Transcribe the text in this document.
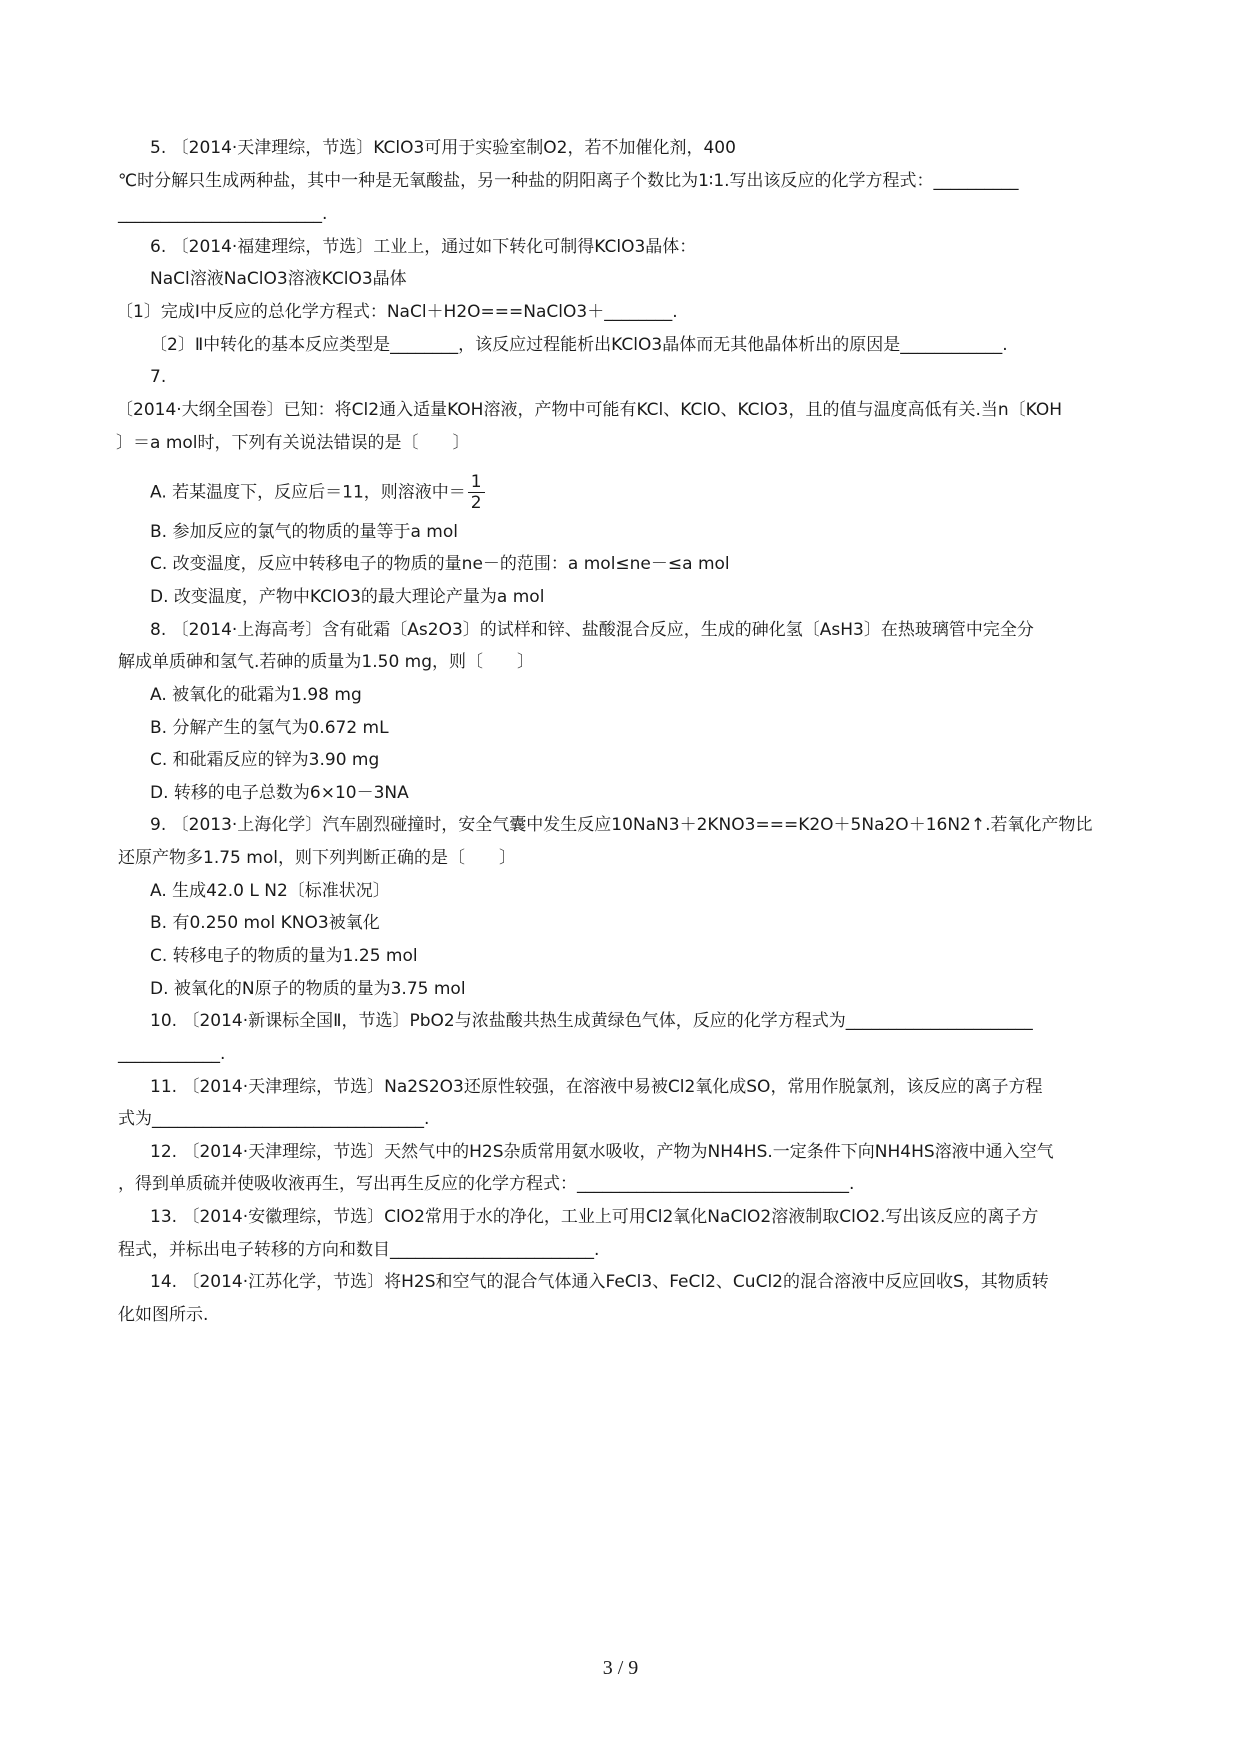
5. 〔2014·天津理综，节选〕KClO3可用于实验室制O2，若不加催化剂，400
℃时分解只生成两种盐，其中一种是无氧酸盐，另一种盐的阴阳离子个数比为1∶1.写出该反应的化学方程式：__________
________________________.
6. 〔2014·福建理综，节选〕工业上，通过如下转化可制得KClO3晶体：
NaCl溶液NaClO3溶液KClO3晶体
〔1〕完成Ⅰ中反应的总化学方程式：NaCl＋H2O===NaClO3＋________.
〔2〕Ⅱ中转化的基本反应类型是________，该反应过程能析出KClO3晶体而无其他晶体析出的原因是____________.
7.
〔2014·大纲全国卷〕已知：将Cl2通入适量KOH溶液，产物中可能有KCl、KClO、KClO3，且的值与温度高低有关.当n〔KOH
〕＝a mol时，下列有关说法错误的是〔　　〕
A. 若某温度下，反应后＝11，则溶液中＝ $\frac{1}{2}$
B. 参加反应的氯气的物质的量等于a mol
C. 改变温度，反应中转移电子的物质的量ne－的范围：a mol≤ne－≤a mol
D. 改变温度，产物中KClO3的最大理论产量为a mol
8. 〔2014·上海高考〕含有砒霜〔As2O3〕的试样和锌、盐酸混合反应，生成的砷化氢〔AsH3〕在热玻璃管中完全分
解成单质砷和氢气.若砷的质量为1.50 mg，则〔　　〕
A. 被氧化的砒霜为1.98 mg
B. 分解产生的氢气为0.672 mL
C. 和砒霜反应的锌为3.90 mg
D. 转移的电子总数为6×10－3NA
9. 〔2013·上海化学〕汽车剧烈碰撞时，安全气囊中发生反应10NaN3＋2KNO3===K2O＋5Na2O＋16N2↑.若氧化产物比
还原产物多1.75 mol，则下列判断正确的是〔　　〕
A. 生成42.0 L N2〔标准状况〕
B. 有0.250 mol KNO3被氧化
C. 转移电子的物质的量为1.25 mol
D. 被氧化的N原子的物质的量为3.75 mol
10. 〔2014·新课标全国Ⅱ，节选〕PbO2与浓盐酸共热生成黄绿色气体，反应的化学方程式为______________________
____________.
11. 〔2014·天津理综，节选〕Na2S2O3还原性较强，在溶液中易被Cl2氧化成SO，常用作脱氯剂，该反应的离子方程
式为________________________________.
12. 〔2014·天津理综，节选〕天然气中的H2S杂质常用氨水吸收，产物为NH4HS.一定条件下向NH4HS溶液中通入空气
，得到单质硫并使吸收液再生，写出再生反应的化学方程式：________________________________.
13. 〔2014·安徽理综，节选〕ClO2常用于水的净化，工业上可用Cl2氧化NaClO2溶液制取ClO2.写出该反应的离子方
程式，并标出电子转移的方向和数目________________________.
14. 〔2014·江苏化学，节选〕将H2S和空气的混合气体通入FeCl3、FeCl2、CuCl2的混合溶液中反应回收S，其物质转
化如图所示.
3 / 9
